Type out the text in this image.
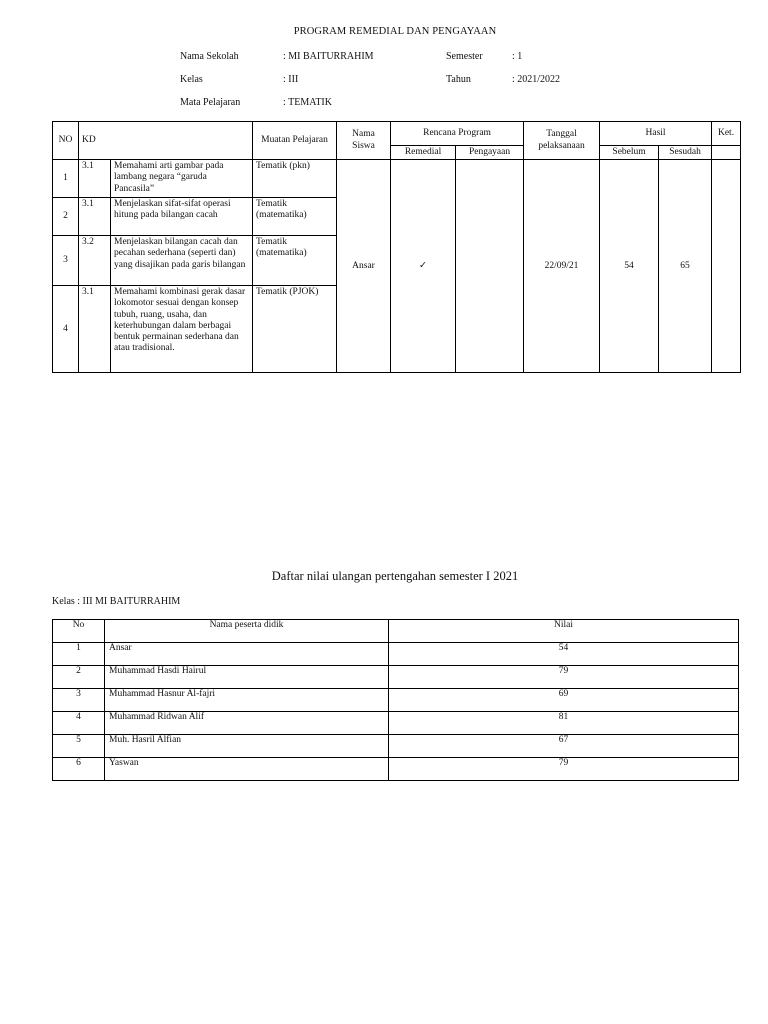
PROGRAM REMEDIAL DAN PENGAYAAN
Nama Sekolah	: MI BAITURRAHIM	Semester	: 1
Kelas	: III	Tahun	: 2021/2022
Mata Pelajaran	: TEMATIK
NO	KD		Muatan Pelajaran	Nama Siswa	Rencana Program		Tanggal pelaksanaan	Hasil		Ket.
					Remedial	Pengayaan		Sebelum	Sesudah	
1	3.1	Memahami arti gambar pada lambang negara “garuda Pancasila”	Tematik (pkn)	Ansar	✓		22/09/21	54	65	
2	3.1	Menjelaskan sifat-sifat operasi hitung pada bilangan cacah	Tematik (matematika)							
3	3.2	Menjelaskan bilangan cacah dan pecahan sederhana (seperti dan) yang disajikan pada garis bilangan	Tematik (matematika)							
4	3.1	Memahami kombinasi gerak dasar lokomotor sesuai dengan konsep tubuh, ruang, usaha, dan keterhubungan dalam berbagai bentuk permainan sederhana dan atau tradisional.	Tematik (PJOK)							
Daftar nilai ulangan pertengahan semester I 2021
Kelas : III MI BAITURRAHIM
No	Nama peserta didik	Nilai
1	Ansar	54
2	Muhammad Hasdi Hairul	79
3	Muhammad Hasnur Al-fajri	69
4	Muhammad Ridwan Alif	81
5	Muh. Hasril Alfian	67
6	Yaswan	79
